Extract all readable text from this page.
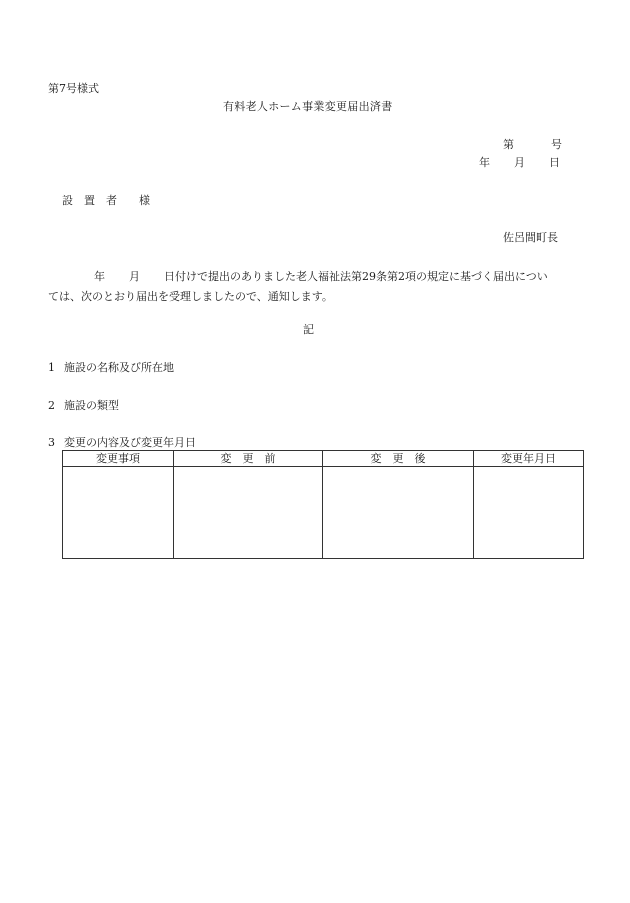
第7号様式
有料老人ホーム事業変更届出済書
第	号
年 月 日
設　置　者　　様
佐呂間町長
年 月 日付けで提出のありました老人福祉法第29条第2項の規定に基づく届出につい
ては、次のとおり届出を受理しましたので、通知します。
記
1 施設の名称及び所在地
2 施設の類型
3 変更の内容及び変更年月日
変更事項	変　更　前	変　更　後	変更年月日
